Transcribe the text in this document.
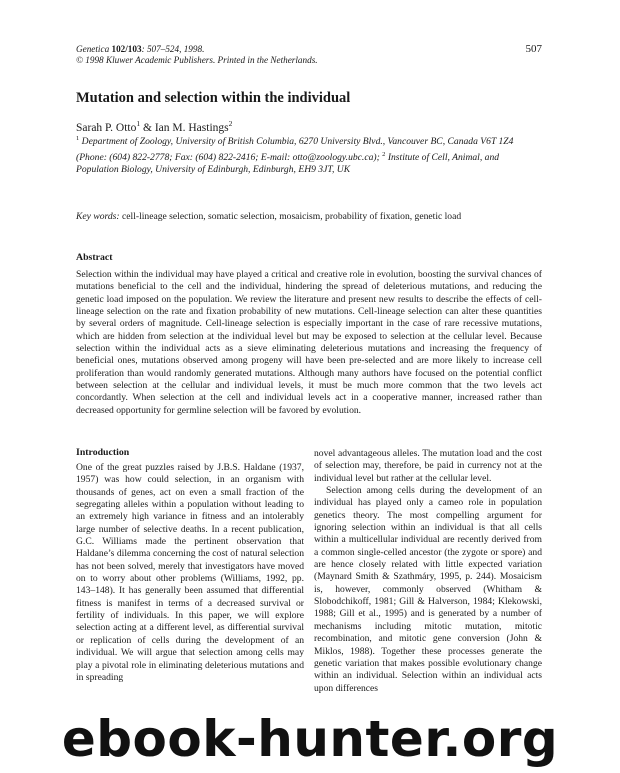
Genetica 102/103: 507–524, 1998.
© 1998 Kluwer Academic Publishers. Printed in the Netherlands.
507
Mutation and selection within the individual
Sarah P. Otto$^1$ & Ian M. Hastings$^2$
$^1$ Department of Zoology, University of British Columbia, 6270 University Blvd., Vancouver BC, Canada V6T 1Z4 (Phone: (604) 822-2778; Fax: (604) 822-2416; E-mail: otto@zoology.ubc.ca); $^2$ Institute of Cell, Animal, and Population Biology, University of Edinburgh, Edinburgh, EH9 3JT, UK
Key words: cell-lineage selection, somatic selection, mosaicism, probability of fixation, genetic load
Abstract
Selection within the individual may have played a critical and creative role in evolution, boosting the survival chances of mutations beneficial to the cell and the individual, hindering the spread of deleterious mutations, and reducing the genetic load imposed on the population. We review the literature and present new results to describe the effects of cell-lineage selection on the rate and fixation probability of new mutations. Cell-lineage selection can alter these quantities by several orders of magnitude. Cell-lineage selection is especially important in the case of rare recessive mutations, which are hidden from selection at the individual level but may be exposed to selection at the cellular level. Because selection within the individual acts as a sieve eliminating deleterious mutations and increasing the frequency of beneficial ones, mutations observed among progeny will have been pre-selected and are more likely to increase cell proliferation than would randomly generated mutations. Although many authors have focused on the potential conflict between selection at the cellular and individual levels, it must be much more common that the two levels act concordantly. When selection at the cell and individual levels act in a cooperative manner, increased rather than decreased opportunity for germline selection will be favored by evolution.
Introduction

One of the great puzzles raised by J.B.S. Haldane (1937, 1957) was how could selection, in an organism with thousands of genes, act on even a small fraction of the segregating alleles within a population without leading to an extremely high variance in fitness and an intolerably large number of selective deaths. In a recent publication, G.C. Williams made the pertinent observation that Haldane’s dilemma concerning the cost of natural selection has not been solved, merely that investigators have moved on to worry about other problems (Williams, 1992, pp. 143–148). It has generally been assumed that differential fitness is manifest in terms of a decreased survival or fertility of individuals. In this paper, we will explore selection acting at a different level, as differential survival or replication of cells during the development of an individual. We will argue that selection among cells may play a pivotal role in eliminating deleterious mutations and in spreading

novel advantageous alleles. The mutation load and the cost of selection may, therefore, be paid in currency not at the individual level but rather at the cellular level.

Selection among cells during the development of an individual has played only a cameo role in population genetics theory. The most compelling argument for ignoring selection within an individual is that all cells within a multicellular individual are recently derived from a common single-celled ancestor (the zygote or spore) and are hence closely related with little expected variation (Maynard Smith & Szathmáry, 1995, p. 244). Mosaicism is, however, commonly observed (Whitham & Slobodchikoff, 1981; Gill & Halverson, 1984; Klekowski, 1988; Gill et al., 1995) and is generated by a number of mechanisms including mitotic mutation, mitotic recombination, and mitotic gene conversion (John & Miklos, 1988). Together these processes generate the genetic variation that makes possible evolutionary change within an individual. Selection within an individual acts upon differences

ebook-hunter.org
